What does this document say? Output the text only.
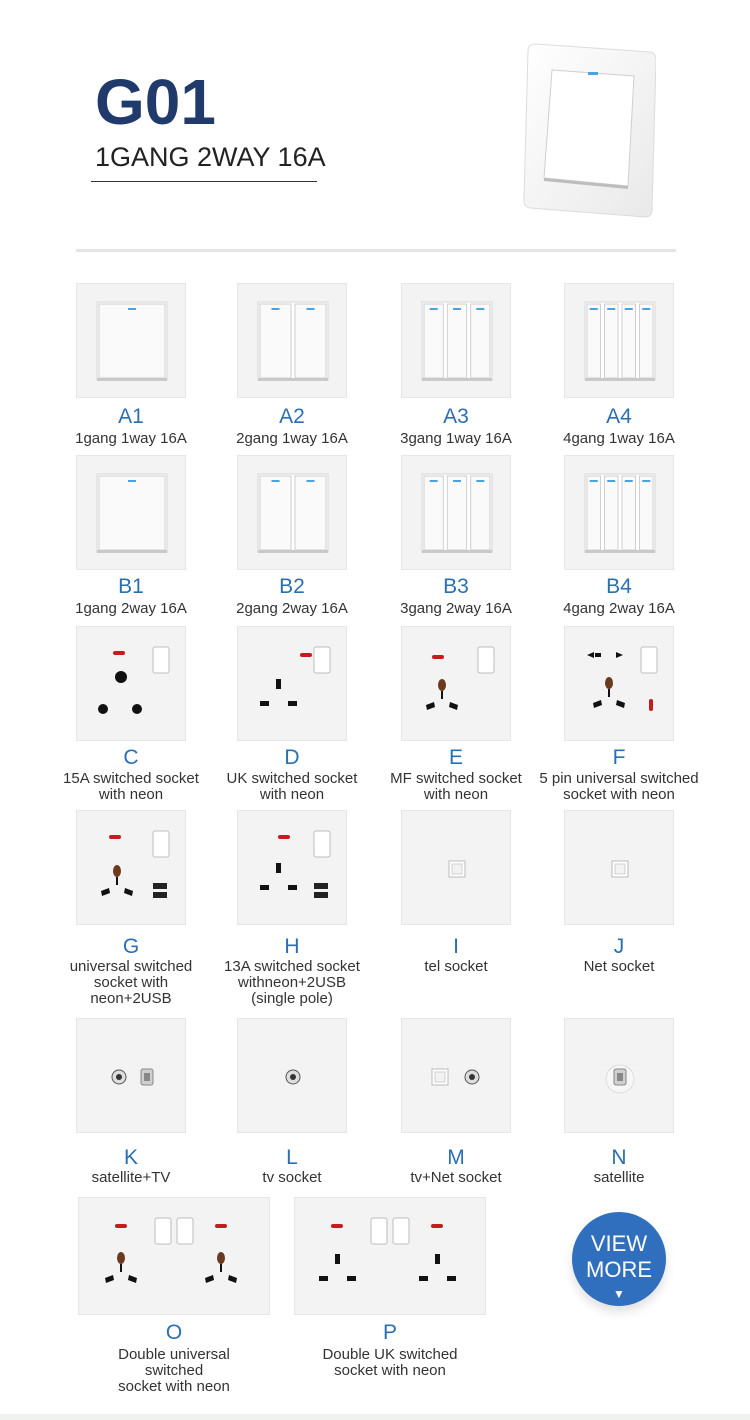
G01
1GANG 2WAY 16A
A1
1gang 1way 16A
A2
2gang 1way 16A
A3
3gang 1way 16A
A4
4gang 1way 16A
B1
1gang 2way 16A
B2
2gang 2way 16A
B3
3gang 2way 16A
B4
4gang 2way 16A
C
15A switched socket
with neon
D
UK switched socket
with neon
E
MF switched socket
with neon
F
5 pin universal switched
socket with neon
G
universal switched
socket with
neon+2USB
H
13A switched socket
withneon+2USB
(single pole)
I
tel socket
J
Net socket
K
satellite+TV
L
tv socket
M
tv+Net socket
N
satellite
O
Double universal switched
socket with neon
P
Double UK switched
socket with neon
VIEW
MORE
▼
